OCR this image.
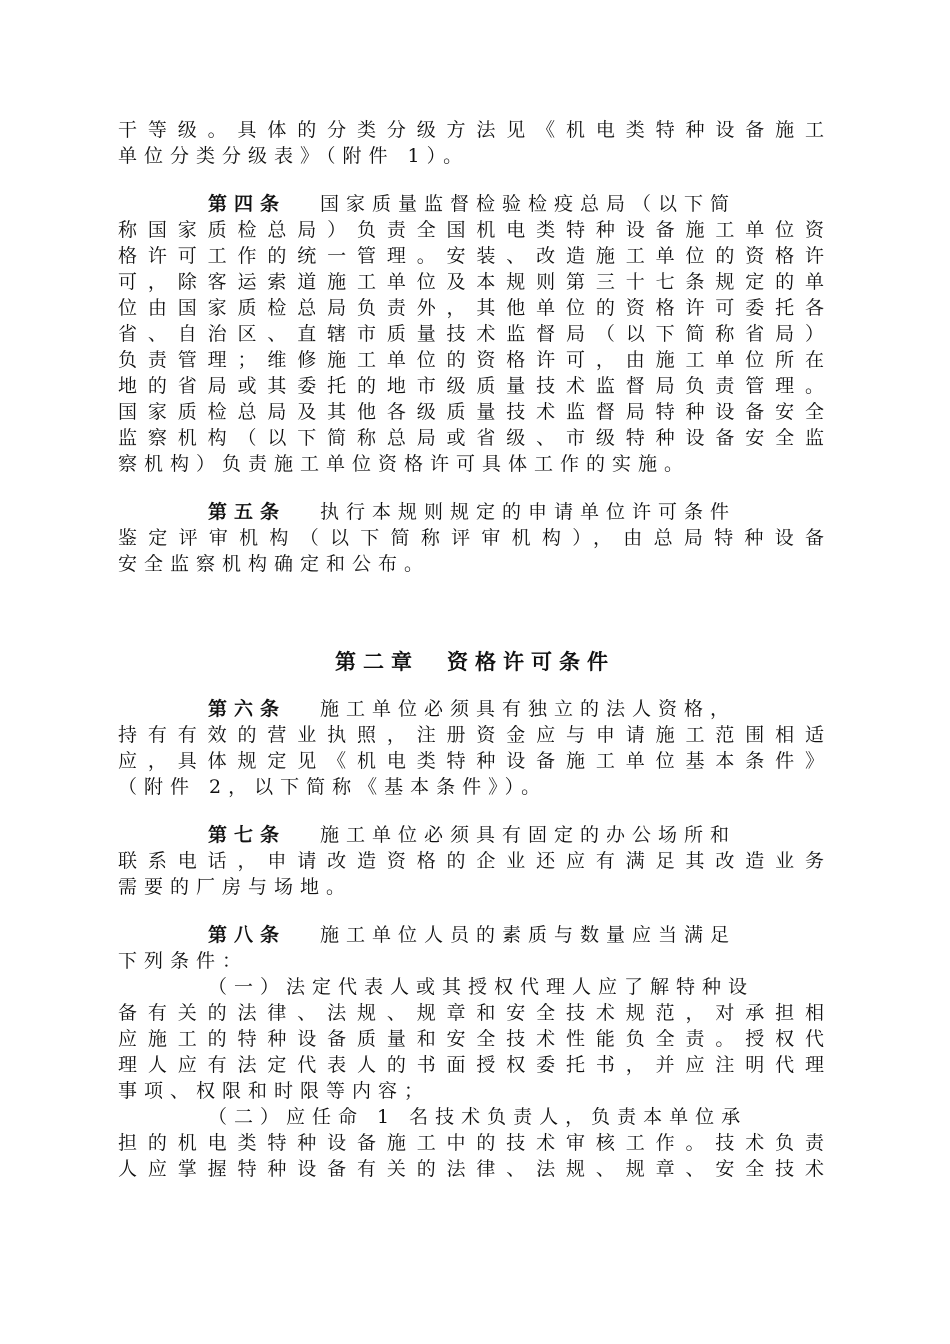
干等级。具体的分类分级方法见《机电类特种设备施工
单位分类分级表》（附件 1）。
第四条 国家质量监督检验检疫总局（以下简
称国家质检总局）负责全国机电类特种设备施工单位资
格许可工作的统一管理。安装、改造施工单位的资格许
可，除客运索道施工单位及本规则第三十七条规定的单
位由国家质检总局负责外，其他单位的资格许可委托各
省、自治区、直辖市质量技术监督局（以下简称省局）
负责管理；维修施工单位的资格许可，由施工单位所在
地的省局或其委托的地市级质量技术监督局负责管理。
国家质检总局及其他各级质量技术监督局特种设备安全
监察机构（以下简称总局或省级、市级特种设备安全监
察机构）负责施工单位资格许可具体工作的实施。
第五条 执行本规则规定的申请单位许可条件
鉴定评审机构（以下简称评审机构），由总局特种设备
安全监察机构确定和公布。
第二章 资格许可条件
第六条 施工单位必须具有独立的法人资格，
持有有效的营业执照，注册资金应与申请施工范围相适
应，具体规定见《机电类特种设备施工单位基本条件》
（附件 2，以下简称《基本条件》）。
第七条 施工单位必须具有固定的办公场所和
联系电话，申请改造资格的企业还应有满足其改造业务
需要的厂房与场地。
第八条 施工单位人员的素质与数量应当满足
下列条件：
（一）法定代表人或其授权代理人应了解特种设
备有关的法律、法规、规章和安全技术规范，对承担相
应施工的特种设备质量和安全技术性能负全责。授权代
理人应有法定代表人的书面授权委托书，并应注明代理
事项、权限和时限等内容；
（二）应任命 1 名技术负责人，负责本单位承
担的机电类特种设备施工中的技术审核工作。技术负责
人应掌握特种设备有关的法律、法规、规章、安全技术
